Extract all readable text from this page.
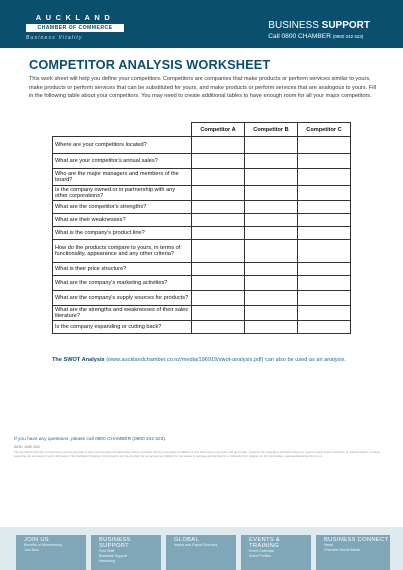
AUCKLAND
CHAMBER OF COMMERCE
Business Vitality
BUSINESS SUPPORT
Call 0800 CHAMBER (0800 242 623)
COMPETITOR ANALYSIS WORKSHEET

This work sheet will help you define your competitors. Competitors are companies that make products or perform services similar to yours, make products or perform services that can be substituted for yours, and make products or perform services that are analogous to yours. Fill in the following table about your competitors. You may need to create additional tables to have enough room for all your major competitors.

	Competitor A	Competitor B	Competitor C
Where are your competitors located?			
What are your competitor's annual sales?			
Who are the major managers and members of the board?			
Is the company owned or in partnership with any other corporations?			
What are the competitor's strengths?			
What are their weaknesses?			
What is the company's product line?			
How do the products compare to yours, in terms of functionality, appearance and any other criteria?			
What is their price structure?			
What are the company's marketing activities?			
What are the company's supply sources for products?			
What are the strengths and weaknesses of their sales literature?			
Is the company expanding or cutting back?			

The SWOT Analysis (www.aucklandchamber.co.nz/media/196919/swot-analysis.pdf) can also be used as an analysis.

If you have any questions, please call 0800 CHAMBER (0800 242 623).

DATE: JUNE 2010

The Auckland Chamber of Commerce and the provider of this resource have all reasonable efforts to ensure that the information published in this document is accurate and up-to-date. However the material is provided subject to regular review and no warranty, or representation, is made regarding the accuracy of such information. The Auckland Chamber of Commerce and the provider do not accept any liability for any losses or damage arising directly or indirectly from reliance on this information. www.aucklandchamber.co.nz

JOIN US
Benefits of Membership
Join Now
BUSINESS SUPPORT
Find Staff
Business Support
Mentoring
GLOBAL
Import and Export Services
EVENTS & TRAINING
Event Calendar
Event Profiles
BUSINESS CONNECT
News
Chamber Social Media
